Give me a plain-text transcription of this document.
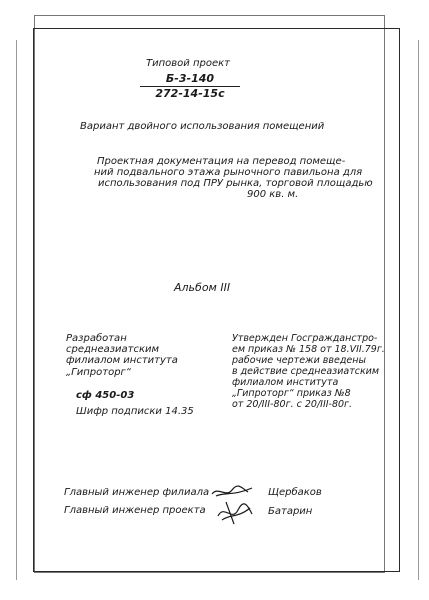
Типовой проект
Б-3-140
272-14-15с
Вариант двойного использования помещений
Проектная документация на перевод помеще-
ний подвального этажа рыночного павильона для
использования под ПРУ рынка, торговой площадью
900 кв. м.
Альбом III
Разработан
среднеазиатским
филиалом института
„Гипроторг“
Утвержден Госгражданстро-
ем приказ № 158 от 18.VII.79г.
рабочие чертежи введены
в действие среднеазиатским
филиалом института
„Гипроторг“ приказ №8
от 20/III-80г. с 20/III-80г.
сф 450-03
Шифр подписки 14.35
Главный инженер филиала
Главный инженер проекта
Щербаков
Батарин
